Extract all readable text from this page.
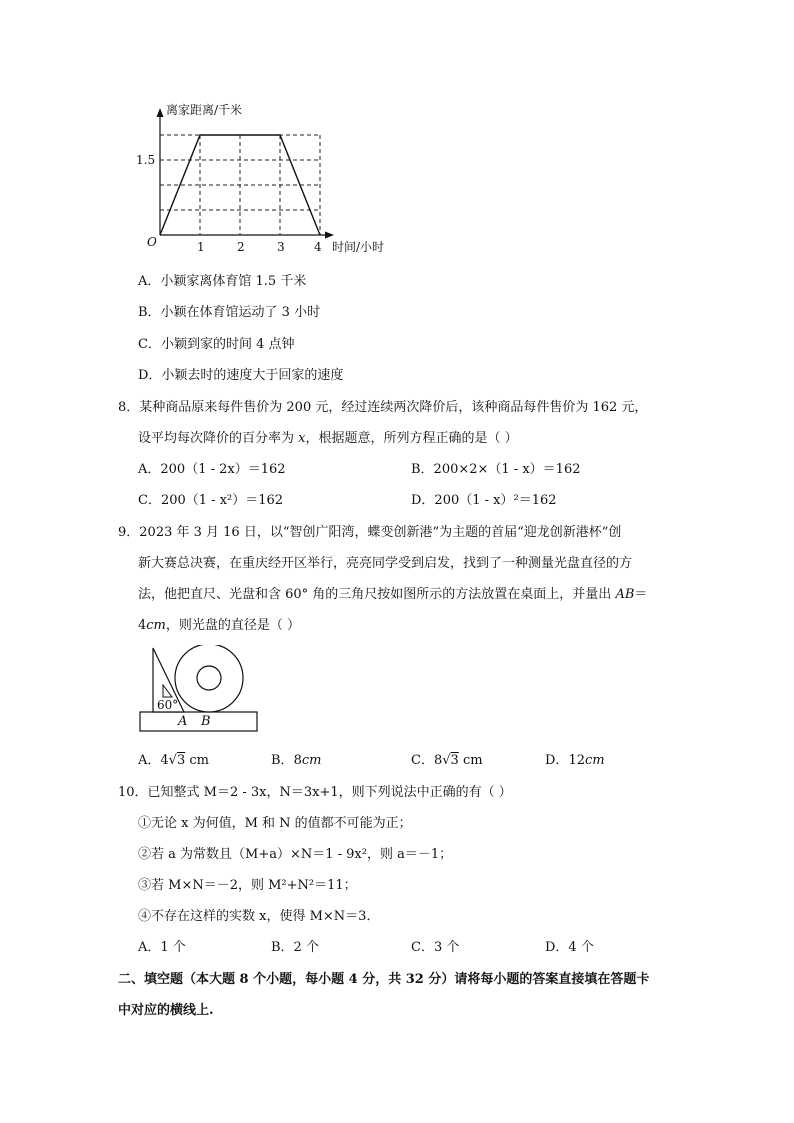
离家距离/千米
时间/小时
O
1.5
1	2	3 4
A．小颖家离体育馆 1.5 千米
B．小颖在体育馆运动了 3 小时
C．小颖到家的时间 4 点钟
D．小颖去时的速度大于回家的速度
8．某种商品原来每件售价为 200 元，经过连续两次降价后，该种商品每件售价为 162 元，
设平均每次降价的百分率为 x，根据题意，所列方程正确的是（ ）
A．200（1 - 2x）＝162	B．200×2×（1 - x）＝162
C．200（1 - x²）＝162	D．200（1 - x）²＝162
9．2023 年 3 月 16 日，以“智创广阳湾，蝶变创新港”为主题的首届“迎龙创新港杯”创
新大赛总决赛，在重庆经开区举行，亮亮同学受到启发，找到了一种测量光盘直径的方
法，他把直尺、光盘和含 60° 角的三角尺按如图所示的方法放置在桌面上，并量出 AB＝
4cm，则光盘的直径是（ ）
60°
A B
A．4√3 cm	B．8cm	C．8√3 cm	D．12cm
10．已知整式 M＝2 - 3x，N＝3x+1，则下列说法中正确的有（ ）
①无论 x 为何值，M 和 N 的值都不可能为正；
②若 a 为常数且（M+a）×N＝1 - 9x²，则 a＝－1；
③若 M×N＝－2，则 M²+N²＝11；
④不存在这样的实数 x，使得 M×N＝3．
A．1 个	B．2 个	C．3 个	D．4 个
二、填空题（本大题 8 个小题，每小题 4 分，共 32 分）请将每小题的答案直接填在答题卡
中对应的横线上.
